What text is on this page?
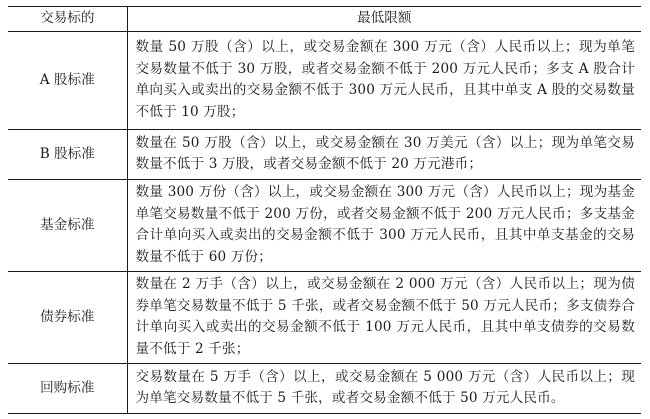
交易标的	最低限额
A 股标准	数量 50 万股（含）以上，或交易金额在 300 万元（含）人民币以上；现为单笔交易数量不低于 30 万股，或者交易金额不低于 200 万元人民币；多支 A 股合计单向买入或卖出的交易金额不低于 300 万元人民币，且其中单支 A 股的交易数量不低于 10 万股；
B 股标准	数量在 50 万股（含）以上，或交易金额在 30 万美元（含）以上；现为单笔交易数量不低于 3 万股，或者交易金额不低于 20 万元港币；
基金标准	数量 300 万份（含）以上，或交易金额在 300 万元（含）人民币以上；现为基金单笔交易数量不低于 200 万份，或者交易金额不低于 200 万元人民币；多支基金合计单向买入或卖出的交易金额不低于 300 万元人民币，且其中单支基金的交易数量不低于 60 万份；
债券标准	数量在 2 万手（含）以上，或交易金额在 2 000 万元（含）人民币以上；现为债券单笔交易数量不低于 5 千张，或者交易金额不低于 50 万元人民币；多支债券合计单向买入或卖出的交易金额不低于 100 万元人民币，且其中单支债券的交易数量不低于 2 千张；
回购标准	交易数量在 5 万手（含）以上，或交易金额在 5 000 万元（含）人民币以上；现为单笔交易数量不低于 5 千张，或者交易金额不低于 50 万元人民币。
